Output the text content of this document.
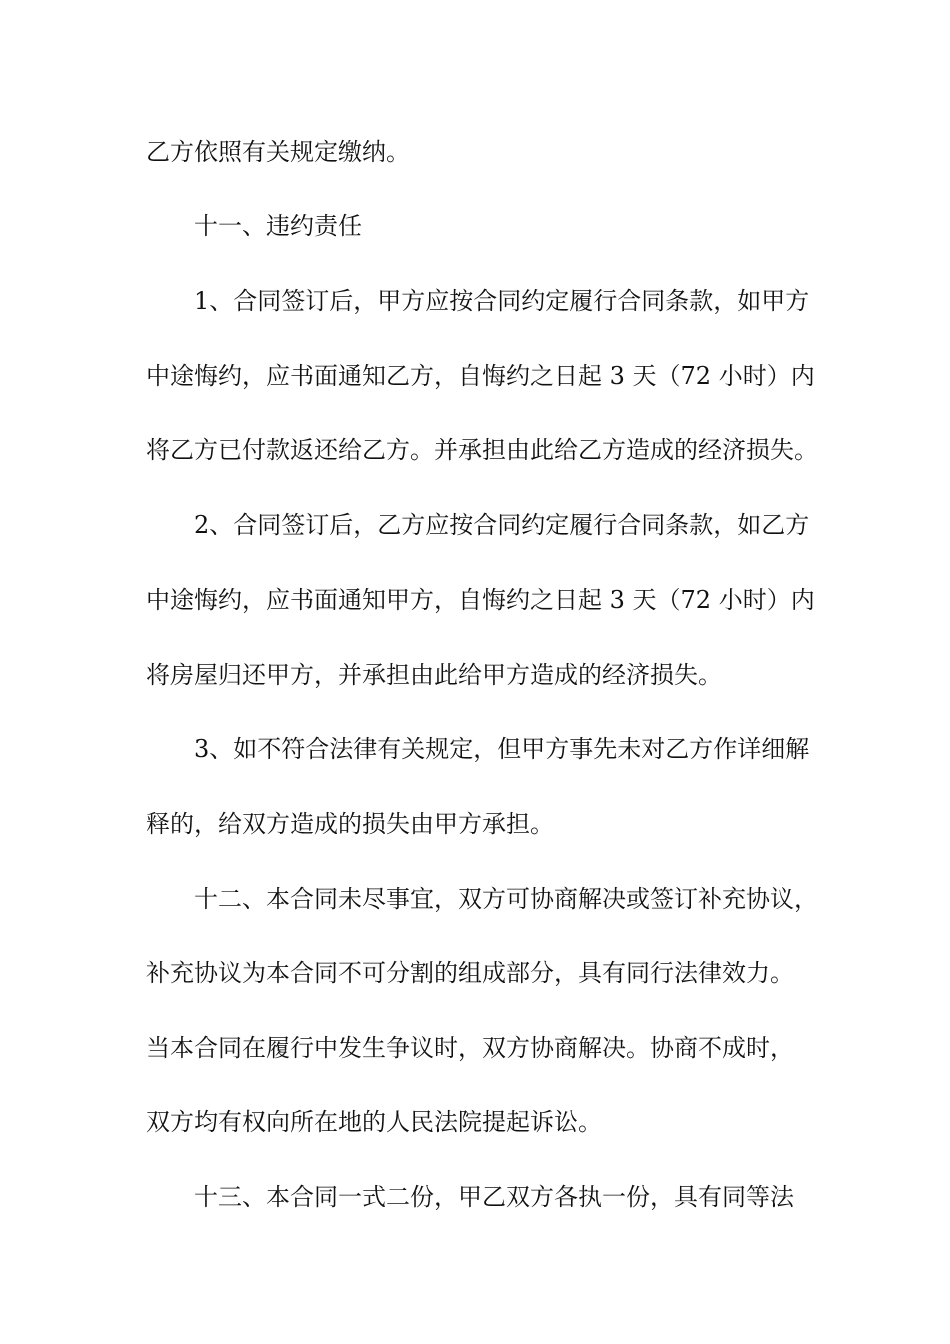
乙方依照有关规定缴纳。
十一、违约责任
1、合同签订后，甲方应按合同约定履行合同条款，如甲方
中途悔约，应书面通知乙方，自悔约之日起 3 天（72 小时）内
将乙方已付款返还给乙方。并承担由此给乙方造成的经济损失。
2、合同签订后，乙方应按合同约定履行合同条款，如乙方
中途悔约，应书面通知甲方，自悔约之日起 3 天（72 小时）内
将房屋归还甲方，并承担由此给甲方造成的经济损失。
3、如不符合法律有关规定，但甲方事先未对乙方作详细解
释的，给双方造成的损失由甲方承担。
十二、本合同未尽事宜，双方可协商解决或签订补充协议，
补充协议为本合同不可分割的组成部分，具有同行法律效力。
当本合同在履行中发生争议时，双方协商解决。协商不成时，
双方均有权向所在地的人民法院提起诉讼。
十三、本合同一式二份，甲乙双方各执一份，具有同等法
